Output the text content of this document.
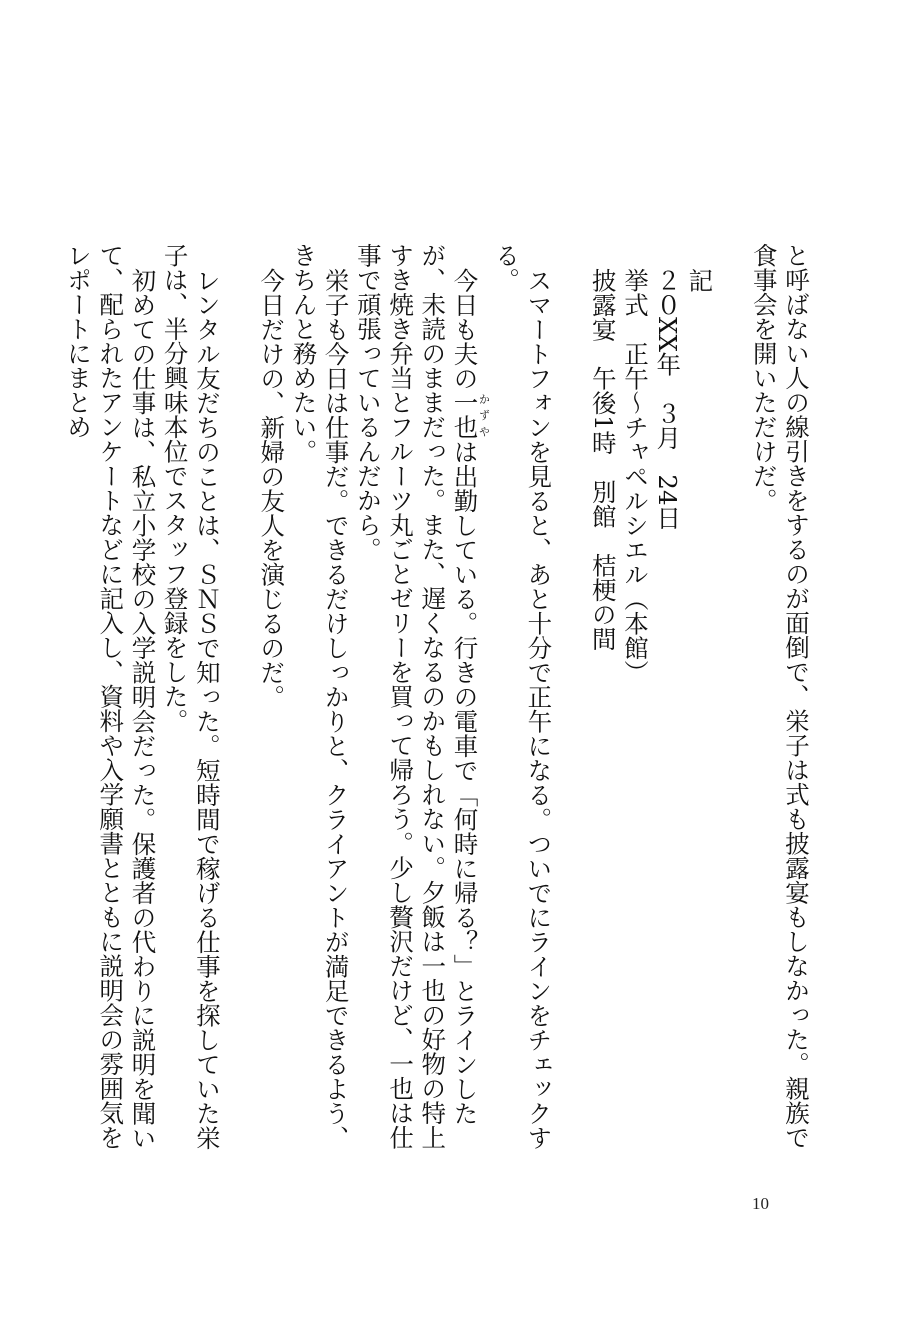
と呼ばない人の線引きをするのが面倒で、栄子は式も披露宴もしなかった。親族で食事会を開いただけだ。

記

２０XX年　３月　24日

挙式　正午〜チャペルシエル（本館）

披露宴　午後1時　別館　桔梗の間

スマートフォンを見ると、あと十分で正午になる。ついでにラインをチェックする。

今日も夫の一也かずやは出勤している。行きの電車で「何時に帰る？」とラインしたが、未読のままだった。また、遅くなるのかもしれない。夕飯は一也の好物の特上すき焼き弁当とフルーツ丸ごとゼリーを買って帰ろう。少し贅沢だけど、一也は仕事で頑張っているんだから。

栄子も今日は仕事だ。できるだけしっかりと、クライアントが満足できるよう、きちんと務めたい。

今日だけの、新婦の友人を演じるのだ。

レンタル友だちのことは、ＳＮＳで知った。短時間で稼げる仕事を探していた栄子は、半分興味本位でスタッフ登録をした。

初めての仕事は、私立小学校の入学説明会だった。保護者の代わりに説明を聞いて、配られたアンケートなどに記入し、資料や入学願書とともに説明会の雰囲気をレポートにまとめ

10
